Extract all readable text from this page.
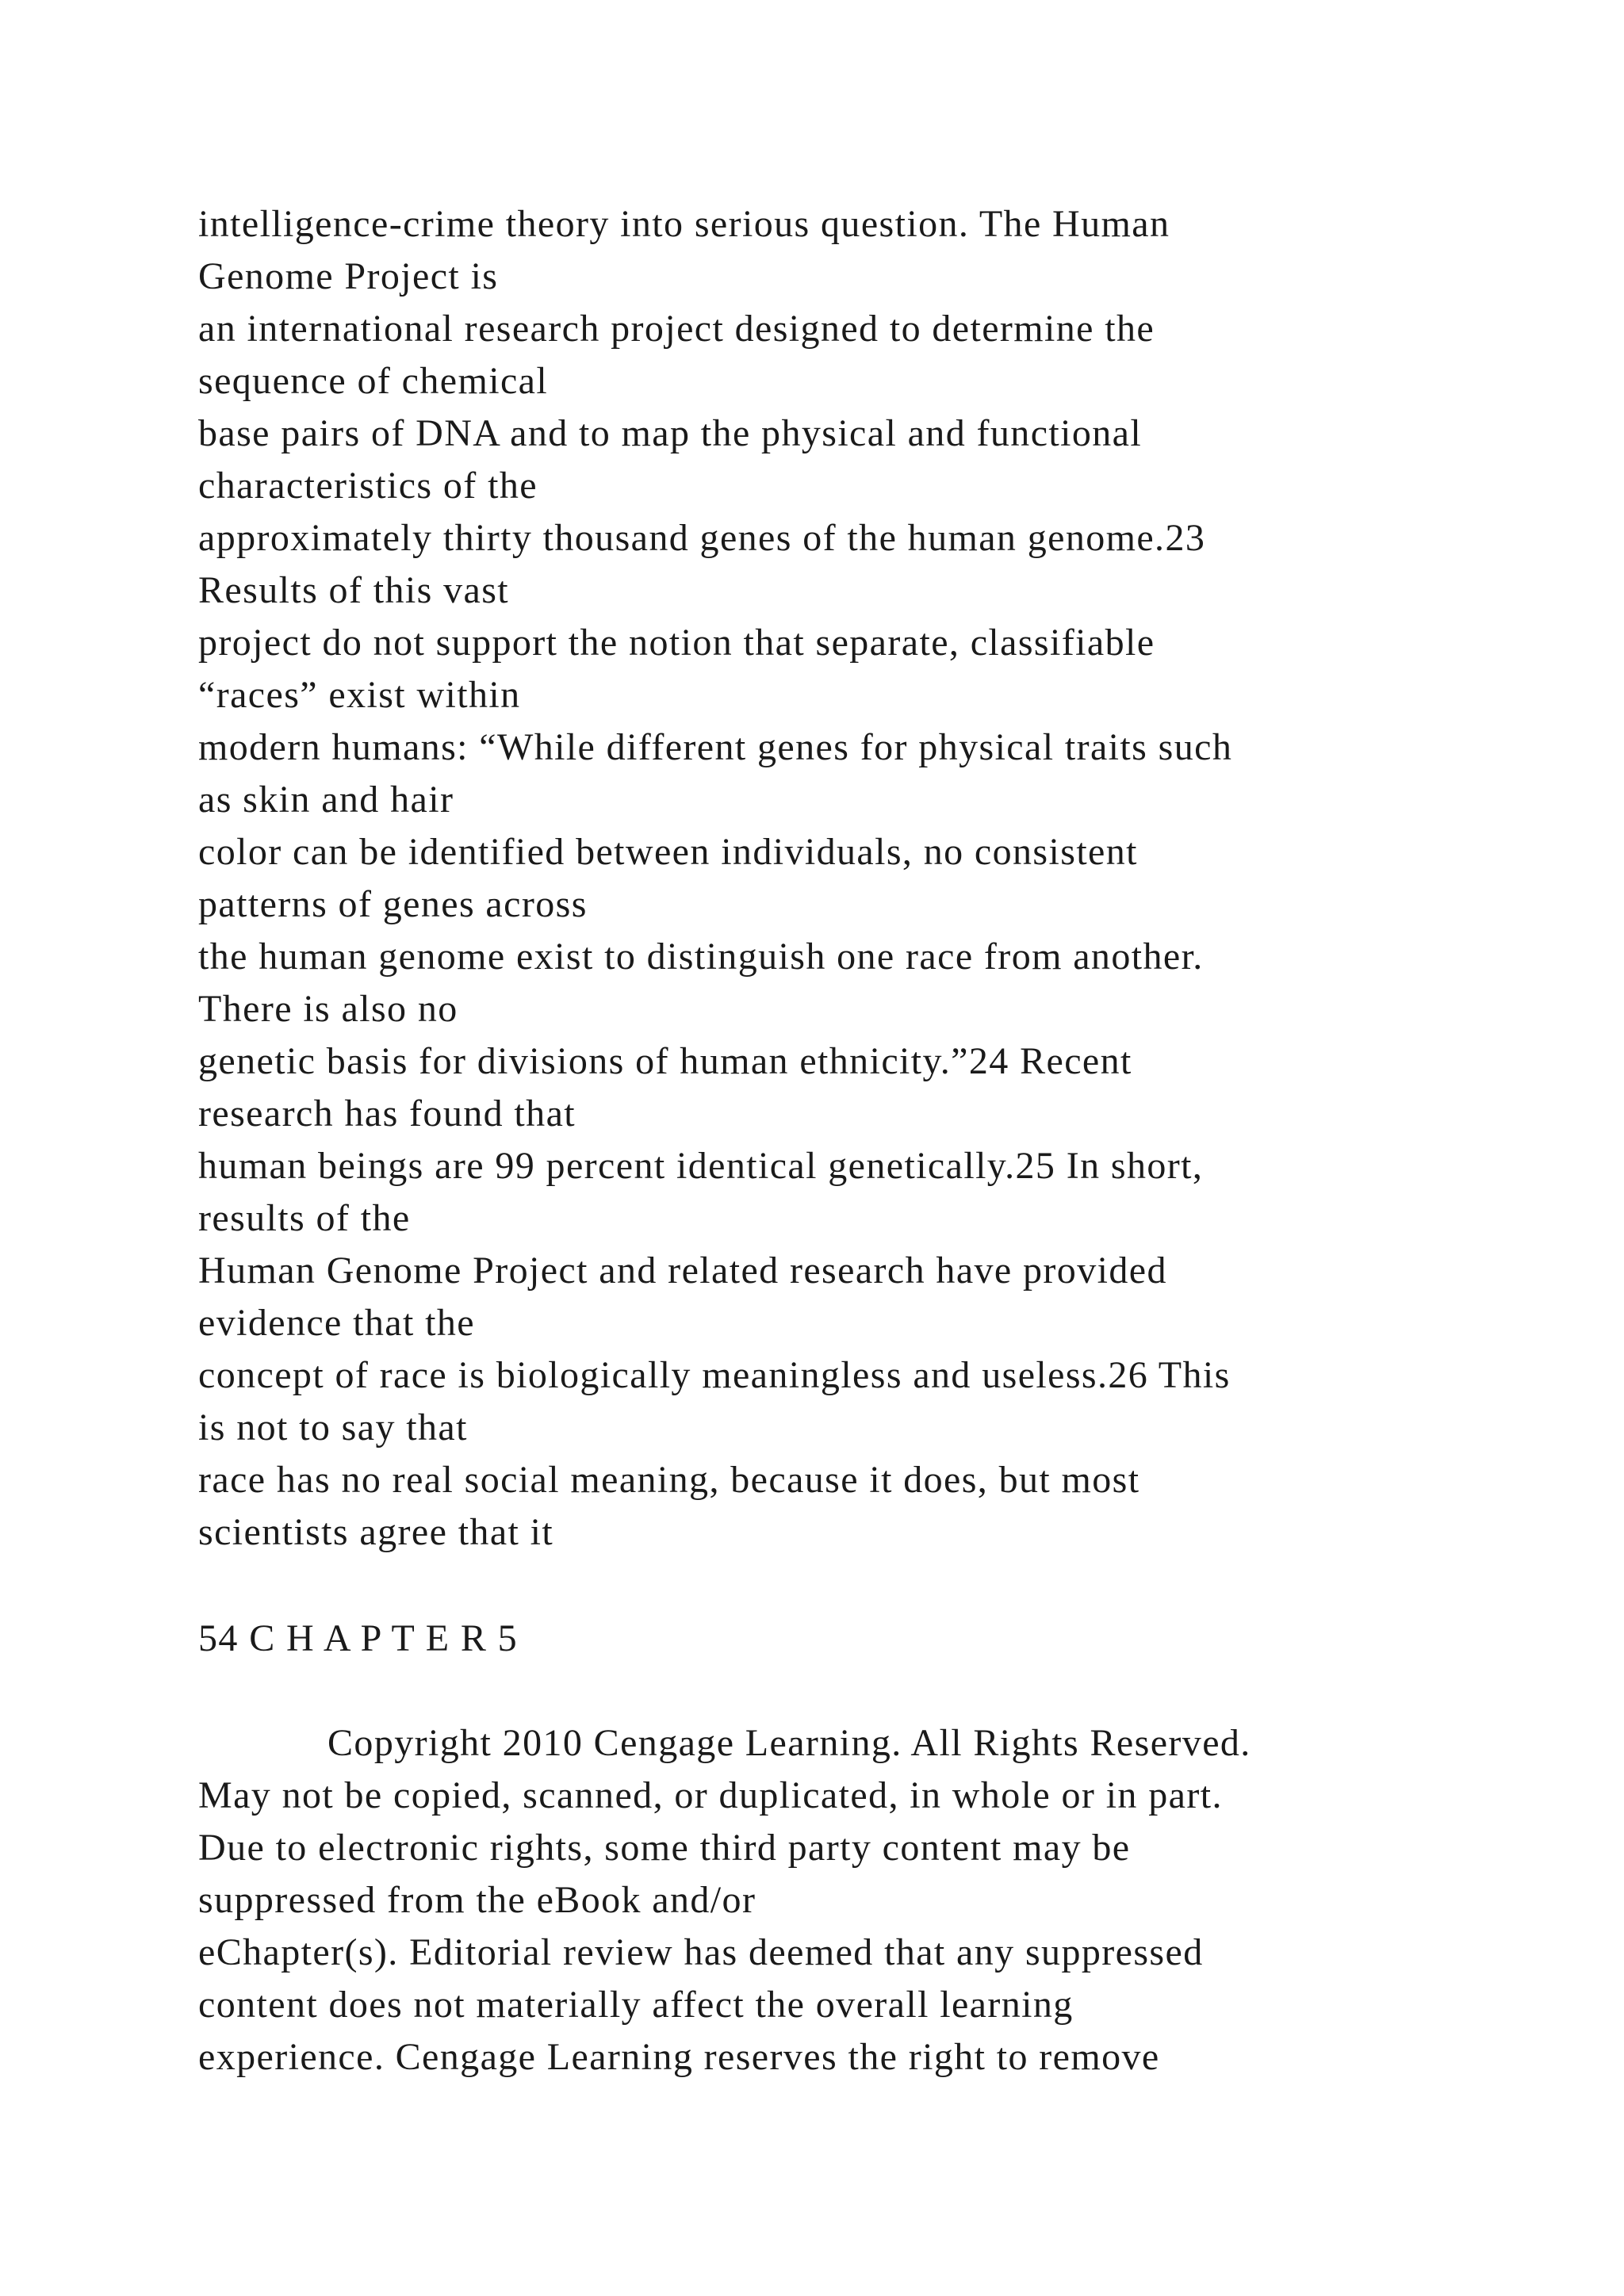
intelligence-crime theory into serious question. The Human
Genome Project is
an international research project designed to determine the
sequence of chemical
base pairs of DNA and to map the physical and functional
characteristics of the
approximately thirty thousand genes of the human genome.23
Results of this vast
project do not support the notion that separate, classifiable
“races” exist within
modern humans: “While different genes for physical traits such
as skin and hair
color can be identified between individuals, no consistent
patterns of genes across
the human genome exist to distinguish one race from another.
There is also no
genetic basis for divisions of human ethnicity.”24 Recent
research has found that
human beings are 99 percent identical genetically.25 In short,
results of the
Human Genome Project and related research have provided
evidence that the
concept of race is biologically meaningless and useless.26 This
is not to say that
race has no real social meaning, because it does, but most
scientists agree that it
54 C H A P T E R 5
Copyright 2010 Cengage Learning. All Rights Reserved.
May not be copied, scanned, or duplicated, in whole or in part.
Due to electronic rights, some third party content may be
suppressed from the eBook and/or
eChapter(s). Editorial review has deemed that any suppressed
content does not materially affect the overall learning
experience. Cengage Learning reserves the right to remove
